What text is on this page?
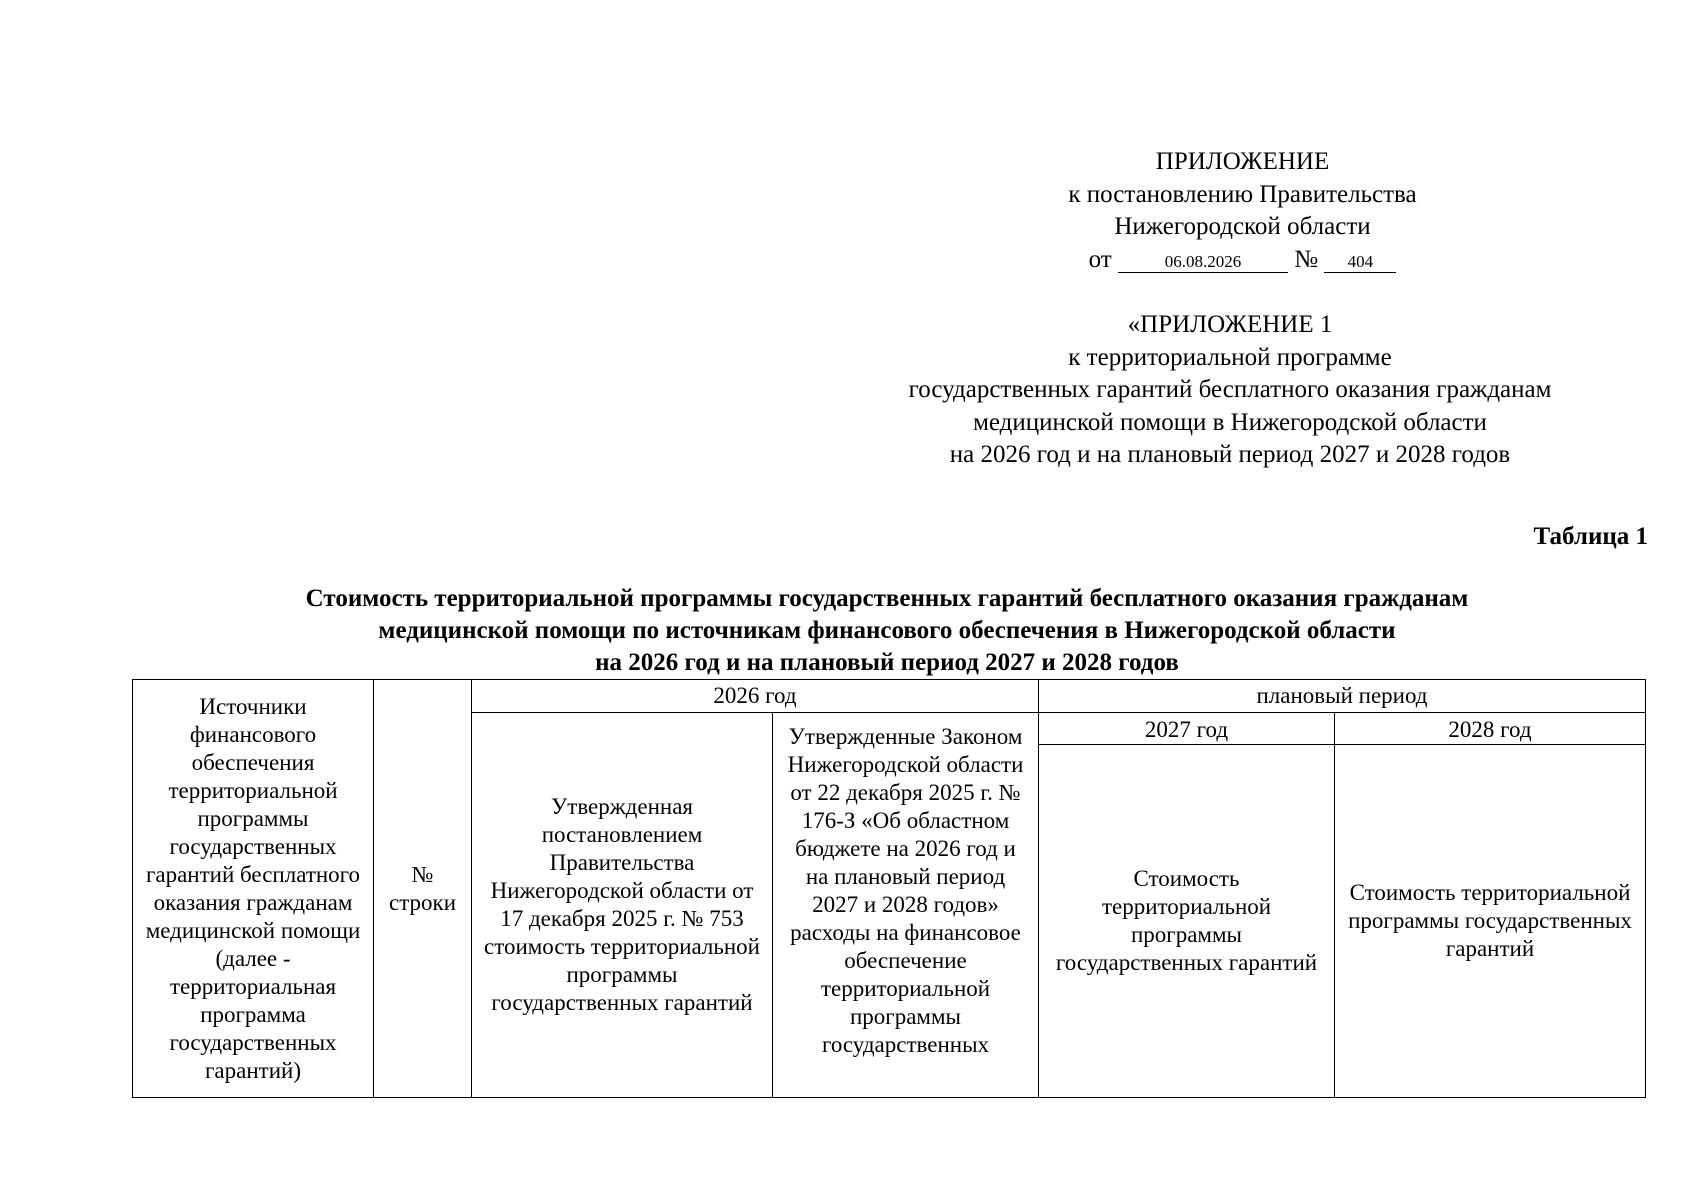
ПРИЛОЖЕНИЕ
к постановлению Правительства
Нижегородской области
от	06.08.2026 № 404
«ПРИЛОЖЕНИЕ 1
к территориальной программе
государственных гарантий бесплатного оказания гражданам
медицинской помощи в Нижегородской области
на 2026 год и на плановый период 2027 и 2028 годов
Таблица 1
Стоимость территориальной программы государственных гарантий бесплатного оказания гражданам
медицинской помощи по источникам финансового обеспечения в Нижегородской области
на 2026 год и на плановый период 2027 и 2028 годов
Источники финансового обеспечения территориальной программы государственных гарантий бесплатного оказания гражданам медицинской помощи (далее - территориальная программа государственных гарантий)	№ строки	2026 год		плановый период	
		Утвержденная постановлением Правительства Нижегородской области от 17 декабря 2025 г. № 753 стоимость территориальной программы государственных гарантий	Утвержденные Законом Нижегородской области от 22 декабря 2025 г. № 176-З «Об областном бюджете на 2026 год и на плановый период 2027 и 2028 годов» расходы на финансовое обеспечение территориальной программы государственных	2027 год	2028 год
				Стоимость территориальной программы государственных гарантий	Стоимость территориальной программы государственных гарантий
